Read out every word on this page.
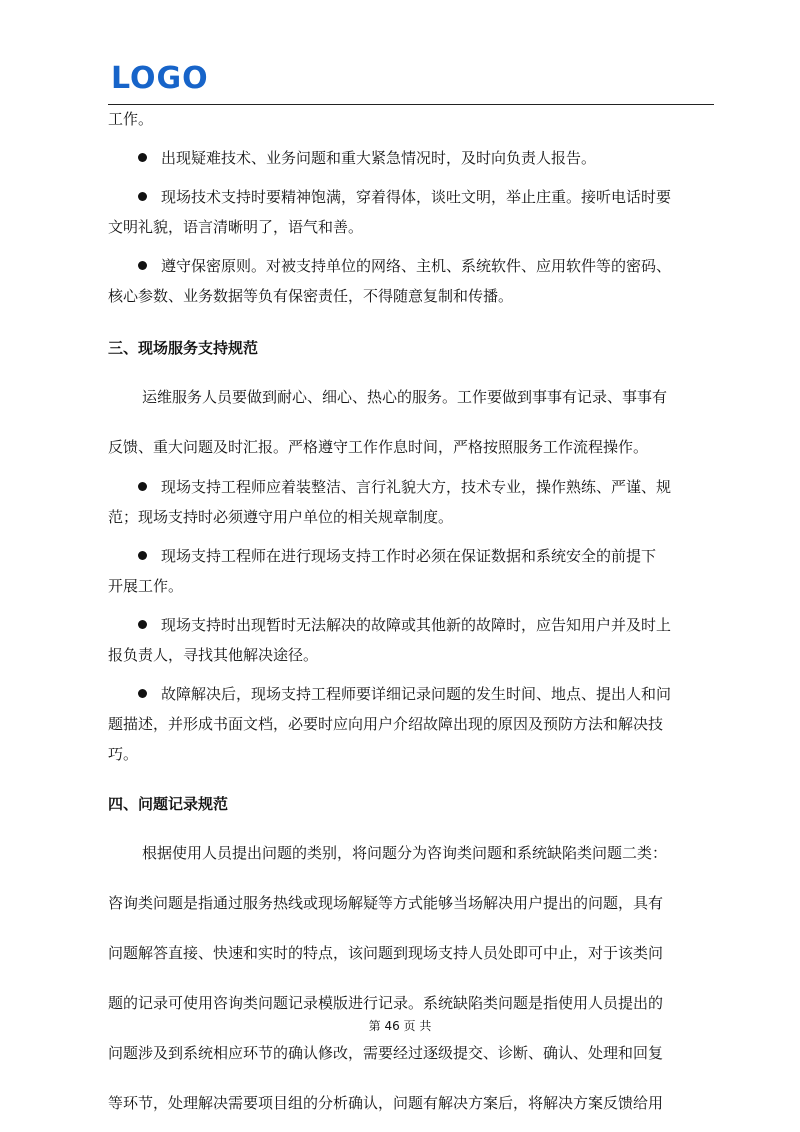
LOGO
工作。
出现疑难技术、业务问题和重大紧急情况时，及时向负责人报告。
现场技术支持时要精神饱满，穿着得体，谈吐文明，举止庄重。接听电话时要
文明礼貌，语言清晰明了，语气和善。
遵守保密原则。对被支持单位的网络、主机、系统软件、应用软件等的密码、
核心参数、业务数据等负有保密责任，不得随意复制和传播。
三、现场服务支持规范
运维服务人员要做到耐心、细心、热心的服务。工作要做到事事有记录、事事有
反馈、重大问题及时汇报。严格遵守工作作息时间，严格按照服务工作流程操作。
现场支持工程师应着装整洁、言行礼貌大方，技术专业，操作熟练、严谨、规
范；现场支持时必须遵守用户单位的相关规章制度。
现场支持工程师在进行现场支持工作时必须在保证数据和系统安全的前提下
开展工作。
现场支持时出现暂时无法解决的故障或其他新的故障时，应告知用户并及时上
报负责人，寻找其他解决途径。
故障解决后，现场支持工程师要详细记录问题的发生时间、地点、提出人和问
题描述，并形成书面文档，必要时应向用户介绍故障出现的原因及预防方法和解决技
巧。
四、问题记录规范
根据使用人员提出问题的类别，将问题分为咨询类问题和系统缺陷类问题二类：
咨询类问题是指通过服务热线或现场解疑等方式能够当场解决用户提出的问题，具有
问题解答直接、快速和实时的特点，该问题到现场支持人员处即可中止，对于该类问
题的记录可使用咨询类问题记录模版进行记录。系统缺陷类问题是指使用人员提出的
问题涉及到系统相应环节的确认修改，需要经过逐级提交、诊断、确认、处理和回复
等环节，处理解决需要项目组的分析确认，问题有解决方案后，将解决方案反馈给用
第 46 页 共
